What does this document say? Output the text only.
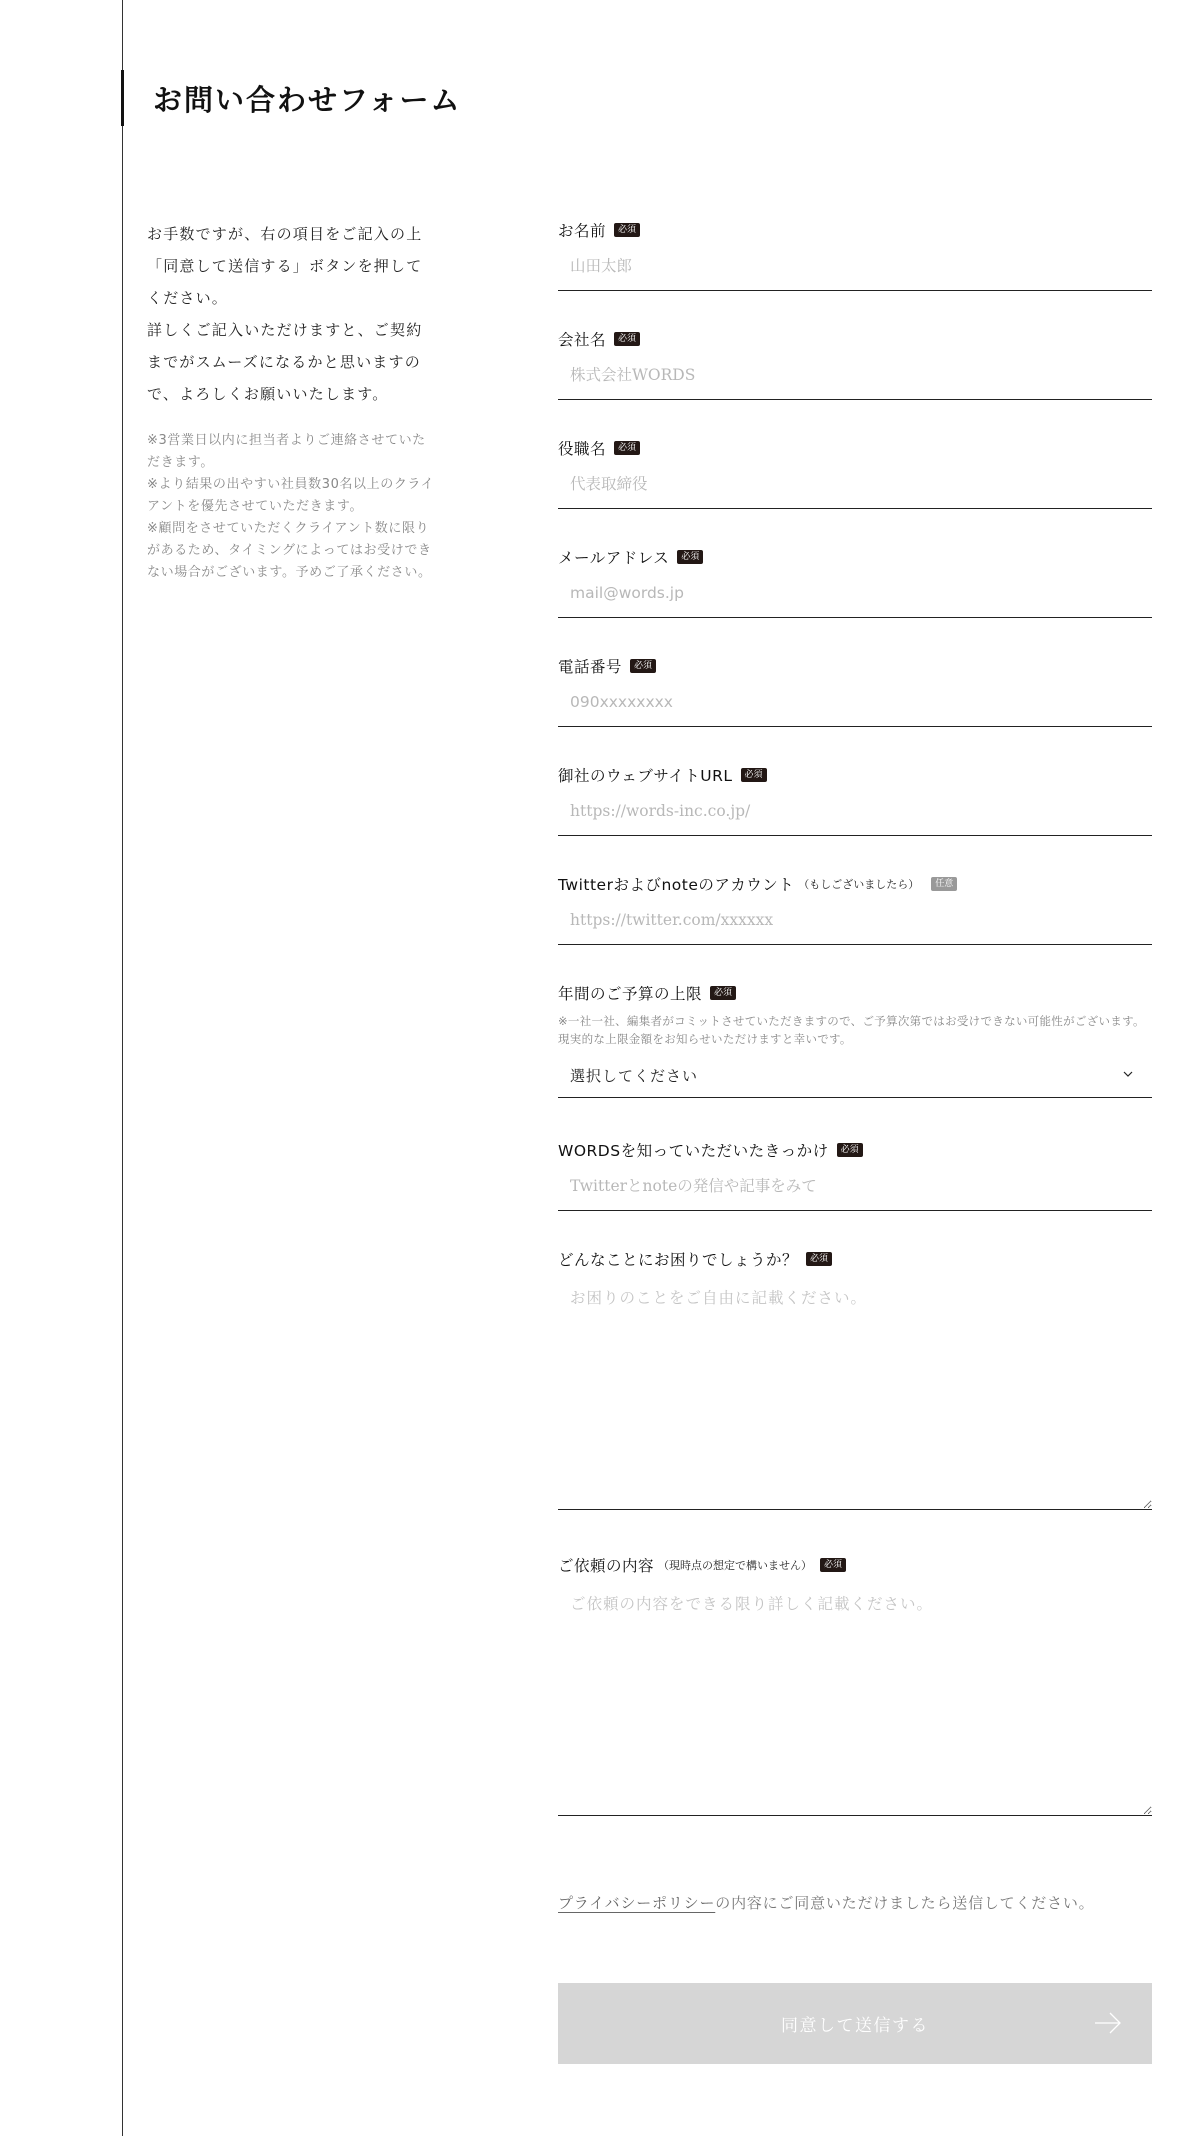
お問い合わせフォーム

お手数ですが、右の項目をご記入の上「同意して送信する」ボタンを押してください。

詳しくご記入いただけますと、ご契約までがスムーズになるかと思いますので、よろしくお願いいたします。

※3営業日以内に担当者よりご連絡させていただきます。

※より結果の出やすい社員数30名以上のクライアントを優先させていただきます。

※顧問をさせていただくクライアント数に限りがあるため、タイミングによってはお受けできない場合がございます。予めご了承ください。

お名前	必須
山田太郎
会社名	必須
株式会社WORDS
役職名	必須
代表取締役
メールアドレス	必須
mail@words.jp
電話番号	必須
090xxxxxxxx
御社のウェブサイトURL	必須
https://words-inc.co.jp/
Twitterおよびnoteのアカウント （もしございましたら）	任意
https://twitter.com/xxxxxx
年間のご予算の上限	必須

※一社一社、編集者がコミットさせていただきますので、ご予算次第ではお受けできない可能性がございます。現実的な上限金額をお知らせいただけますと幸いです。

選択してください
WORDSを知っていただいたきっかけ	必須
Twitterとnoteの発信や記事をみて
どんなことにお困りでしょうか？	必須
お困りのことをご自由に記載ください。
ご依頼の内容 （現時点の想定で構いません）	必須
ご依頼の内容をできる限り詳しく記載ください。

プライバシーポリシーの内容にご同意いただけましたら送信してください。

同意して送信する
